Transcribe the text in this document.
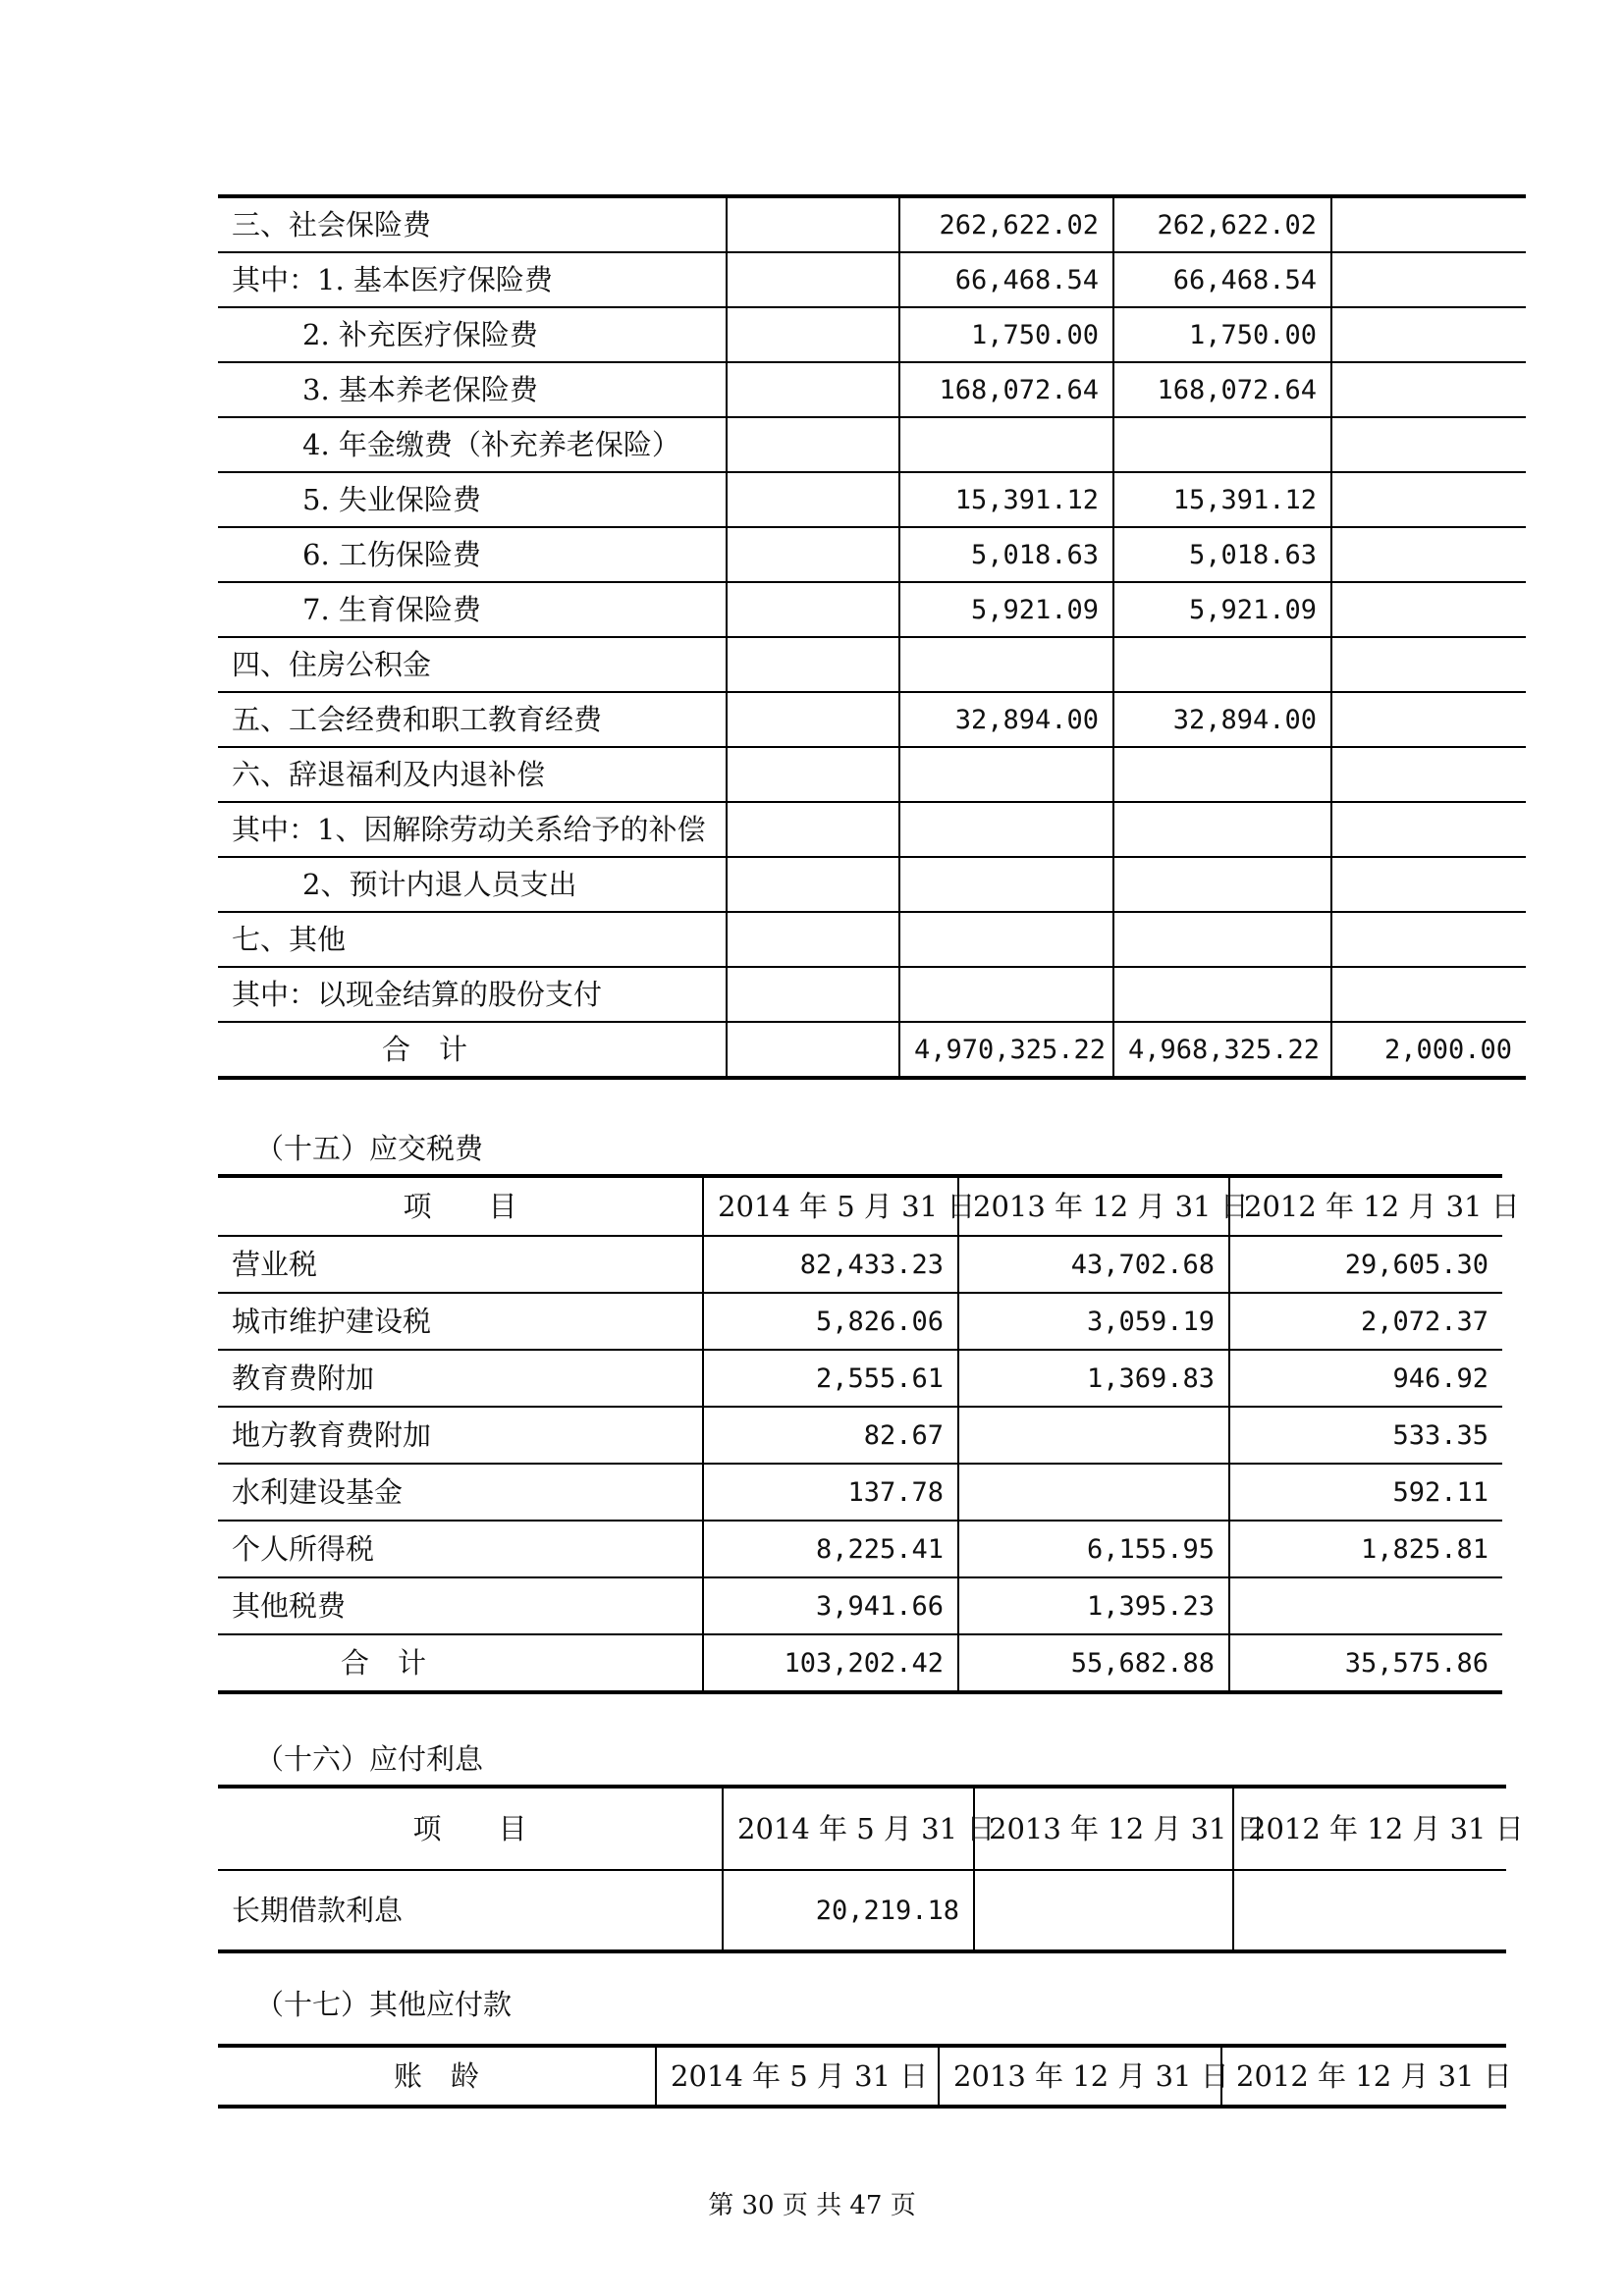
三、社会保险费		262,622.02	262,622.02	
其中：1. 基本医疗保险费		66,468.54	66,468.54	
2. 补充医疗保险费		1,750.00	1,750.00	
3. 基本养老保险费		168,072.64	168,072.64	
4. 年金缴费（补充养老保险）				
5. 失业保险费		15,391.12	15,391.12	
6. 工伤保险费		5,018.63	5,018.63	
7. 生育保险费		5,921.09	5,921.09	
四、住房公积金				
五、工会经费和职工教育经费		32,894.00	32,894.00	
六、辞退福利及内退补偿				
其中：1、因解除劳动关系给予的补偿				
2、预计内退人员支出				
七、其他				
其中：以现金结算的股份支付				
合　计		4,970,325.22	4,968,325.22	2,000.00
（十五）应交税费
项　　目	2014 年 5 月 31 日	2013 年 12 月 31 日	2012 年 12 月 31 日
营业税	82,433.23	43,702.68	29,605.30
城市维护建设税	5,826.06	3,059.19	2,072.37
教育费附加	2,555.61	1,369.83	946.92
地方教育费附加	82.67		533.35
水利建设基金	137.78		592.11
个人所得税	8,225.41	6,155.95	1,825.81
其他税费	3,941.66	1,395.23	
合　计	103,202.42	55,682.88	35,575.86
（十六）应付利息
项　　目	2014 年 5 月 31 日	2013 年 12 月 31 日	2012 年 12 月 31 日
长期借款利息	20,219.18		
（十七）其他应付款
账　龄	2014 年 5 月 31 日	2013 年 12 月 31 日	2012 年 12 月 31 日
第 30 页 共 47 页
